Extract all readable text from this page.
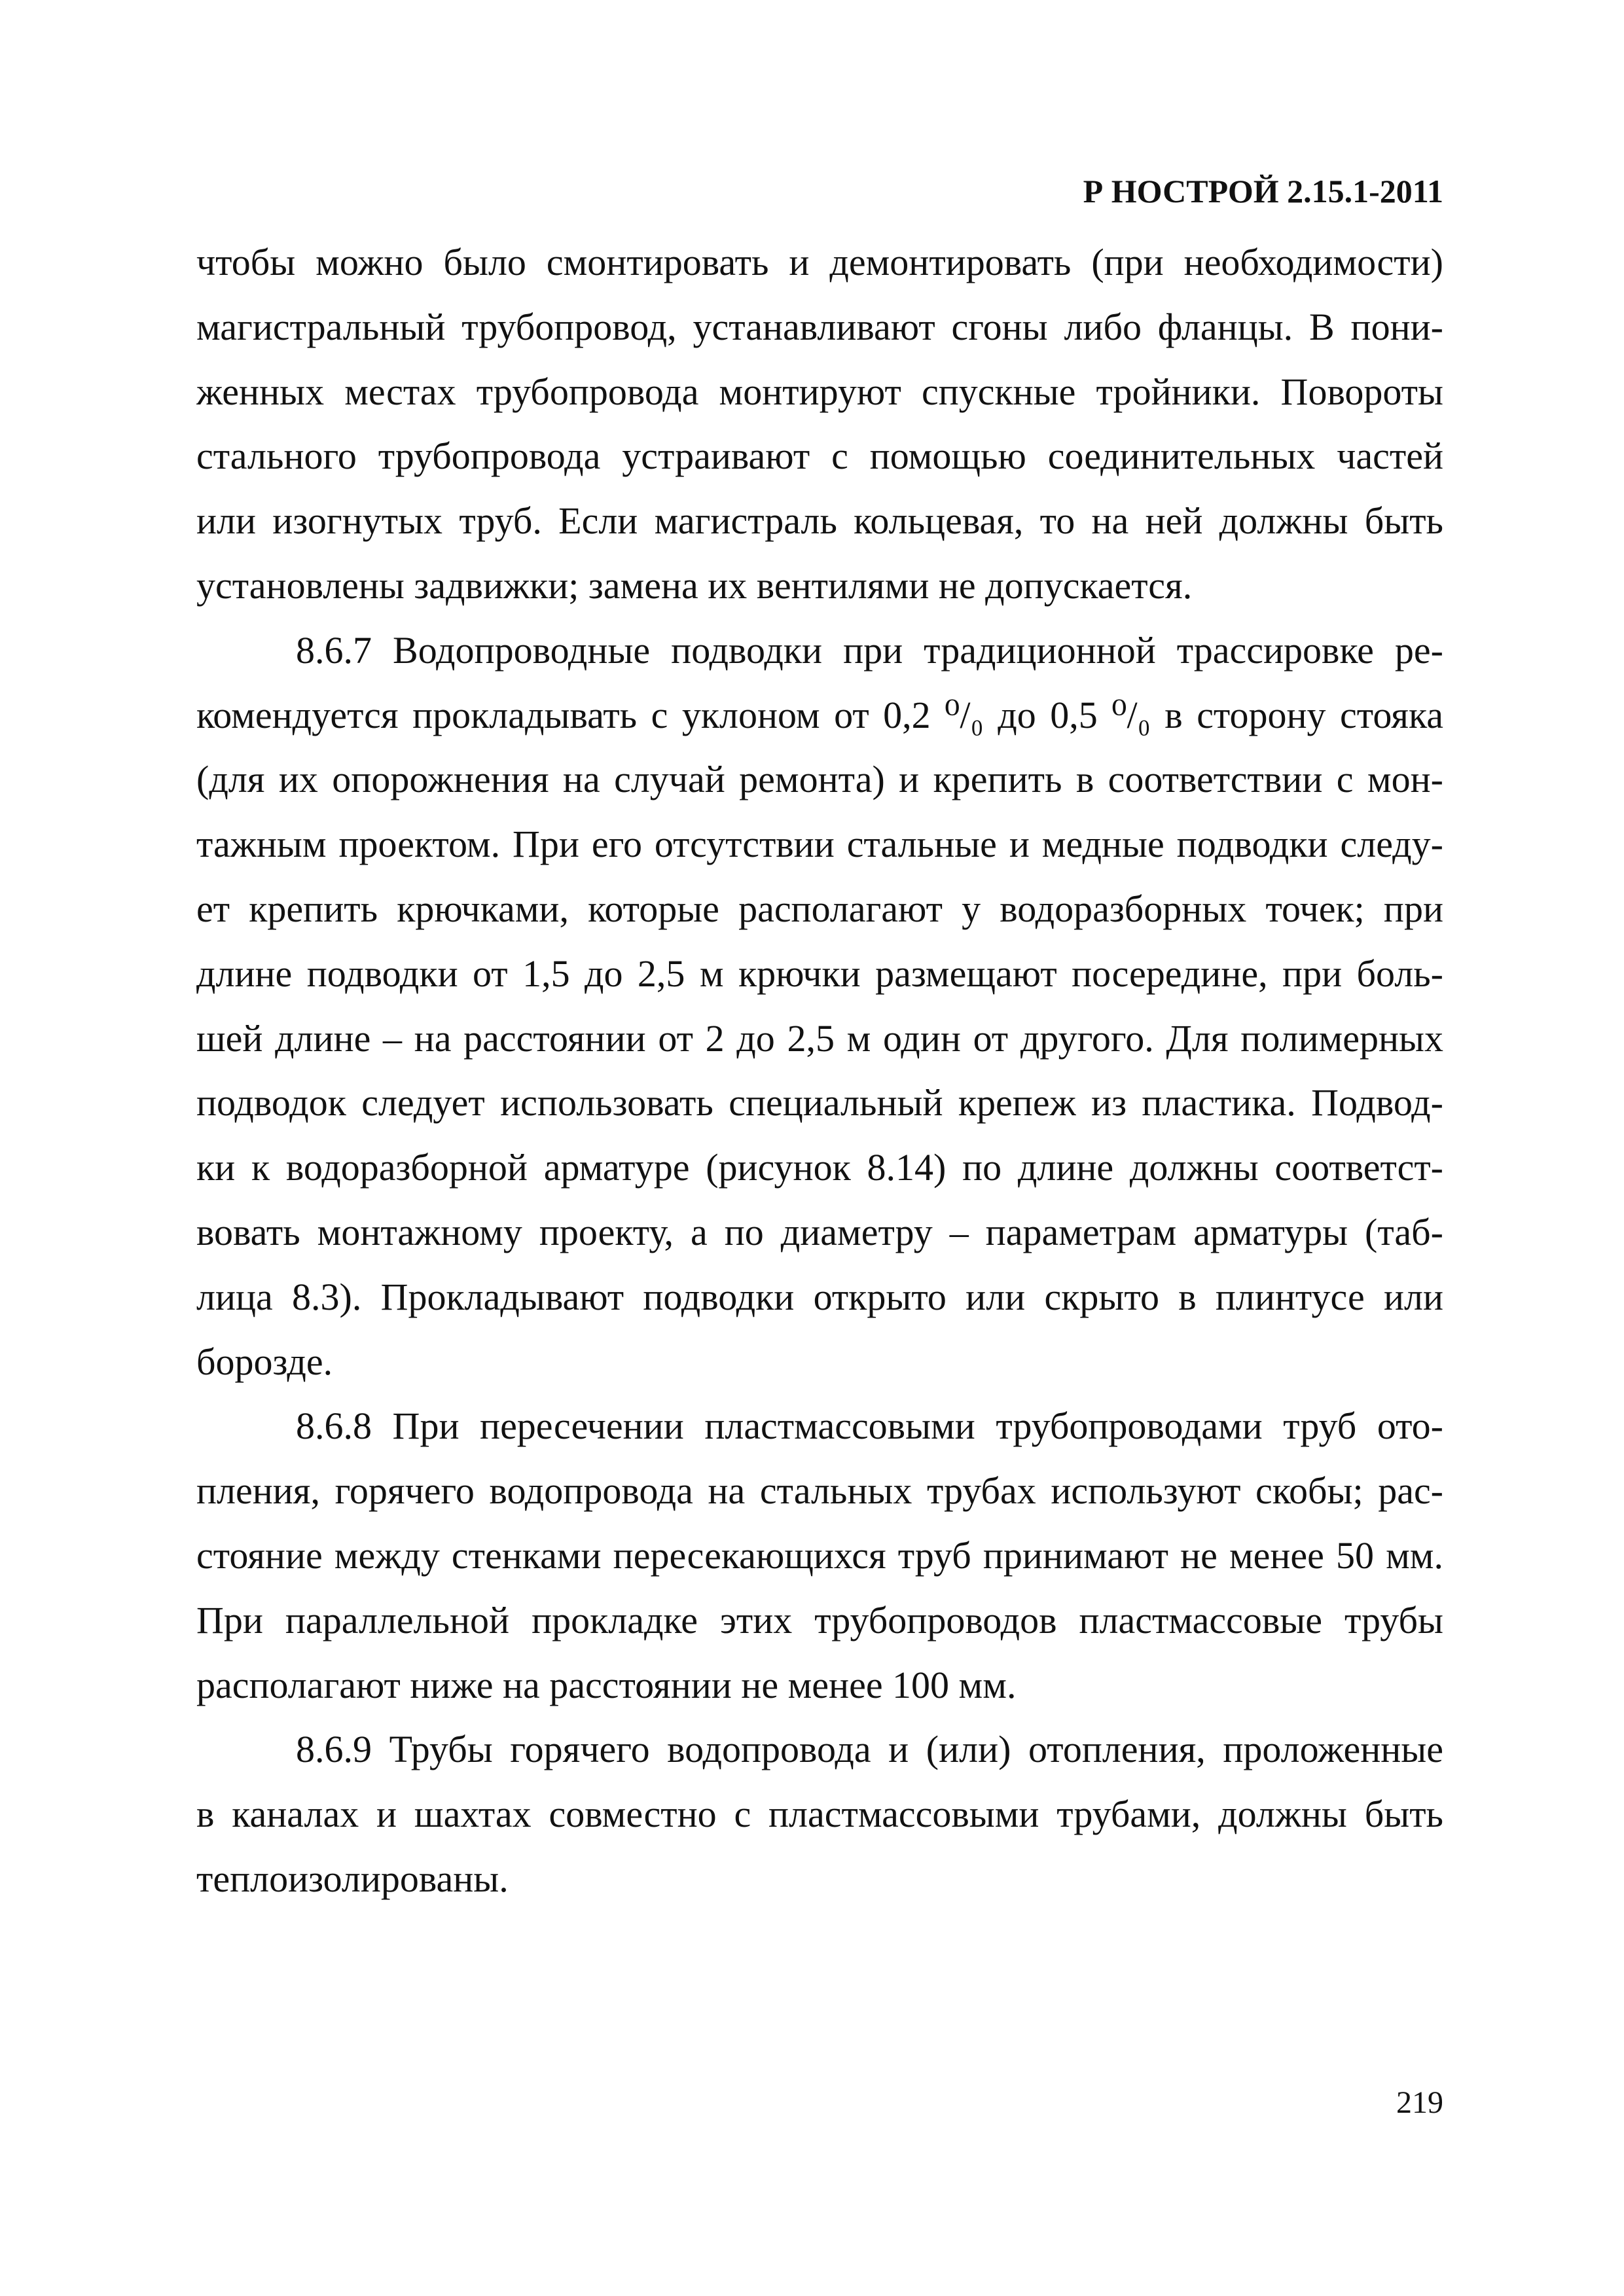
Р НОСТРОЙ 2.15.1-2011
чтобы можно было смонтировать и демонтировать (при необходимости)
магистральный трубопровод, устанавливают сгоны либо фланцы. В пони-
женных местах трубопровода монтируют спускные тройники. Повороты
стального трубопровода устраивают с помощью соединительных частей
или изогнутых труб. Если магистраль кольцевая, то на ней должны быть
установлены задвижки; замена их вентилями не допускается.
8.6.7 Водопроводные подводки при традиционной трассировке ре-
комендуется прокладывать с уклоном от 0,2 ⁰/₀ до 0,5 ⁰/₀ в сторону стояка
(для их опорожнения на случай ремонта) и крепить в соответствии с мон-
тажным проектом. При его отсутствии стальные и медные подводки следу-
ет крепить крючками, которые располагают у водоразборных точек; при
длине подводки от 1,5 до 2,5 м крючки размещают посередине, при боль-
шей длине – на расстоянии от 2 до 2,5 м один от другого. Для полимерных
подводок следует использовать специальный крепеж из пластика. Подвод-
ки к водоразборной арматуре (рисунок 8.14) по длине должны соответст-
вовать монтажному проекту, а по диаметру – параметрам арматуры (таб-
лица 8.3). Прокладывают подводки открыто или скрыто в плинтусе или
борозде.
8.6.8 При пересечении пластмассовыми трубопроводами труб ото-
пления, горячего водопровода на стальных трубах используют скобы; рас-
стояние между стенками пересекающихся труб принимают не менее 50 мм.
При параллельной прокладке этих трубопроводов пластмассовые трубы
располагают ниже на расстоянии не менее 100 мм.
8.6.9 Трубы горячего водопровода и (или) отопления, проложенные
в каналах и шахтах совместно с пластмассовыми трубами, должны быть
теплоизолированы.
219
